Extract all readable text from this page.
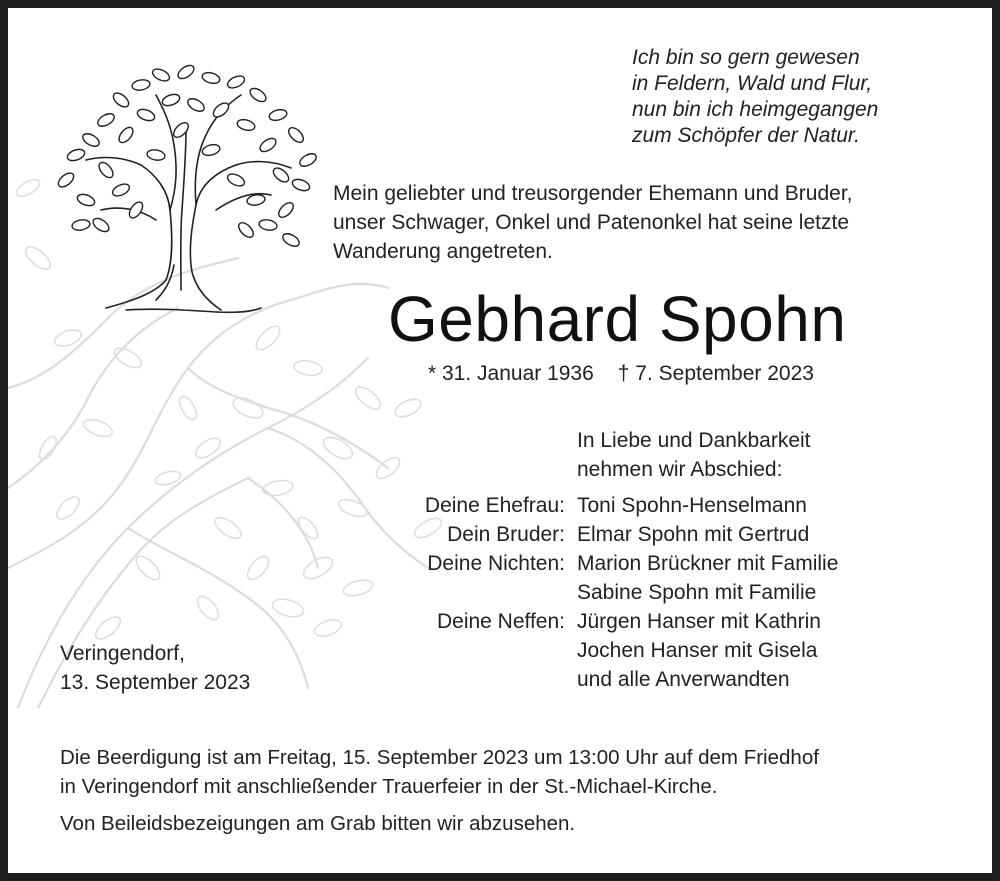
Ich bin so gern gewesen
in Feldern, Wald und Flur,
nun bin ich heimgegangen
zum Schöpfer der Natur.
Mein geliebter und treusorgender Ehemann und Bruder,
unser Schwager, Onkel und Patenonkel hat seine letzte
Wanderung angetreten.
Gebhard Spohn
* 31. Januar 1936 † 7. September 2023
In Liebe und Dankbarkeit
nehmen wir Abschied:
Deine Ehefrau: Toni Spohn-Henselmann
Dein Bruder: Elmar Spohn mit Gertrud
Deine Nichten: Marion Brückner mit Familie
Sabine Spohn mit Familie
Deine Neffen: Jürgen Hanser mit Kathrin
Jochen Hanser mit Gisela
und alle Anverwandten
Veringendorf,
13. September 2023
Die Beerdigung ist am Freitag, 15. September 2023 um 13:00 Uhr auf dem Friedhof
in Veringendorf mit anschließender Trauerfeier in der St.-Michael-Kirche.
Von Beileidsbezeigungen am Grab bitten wir abzusehen.
